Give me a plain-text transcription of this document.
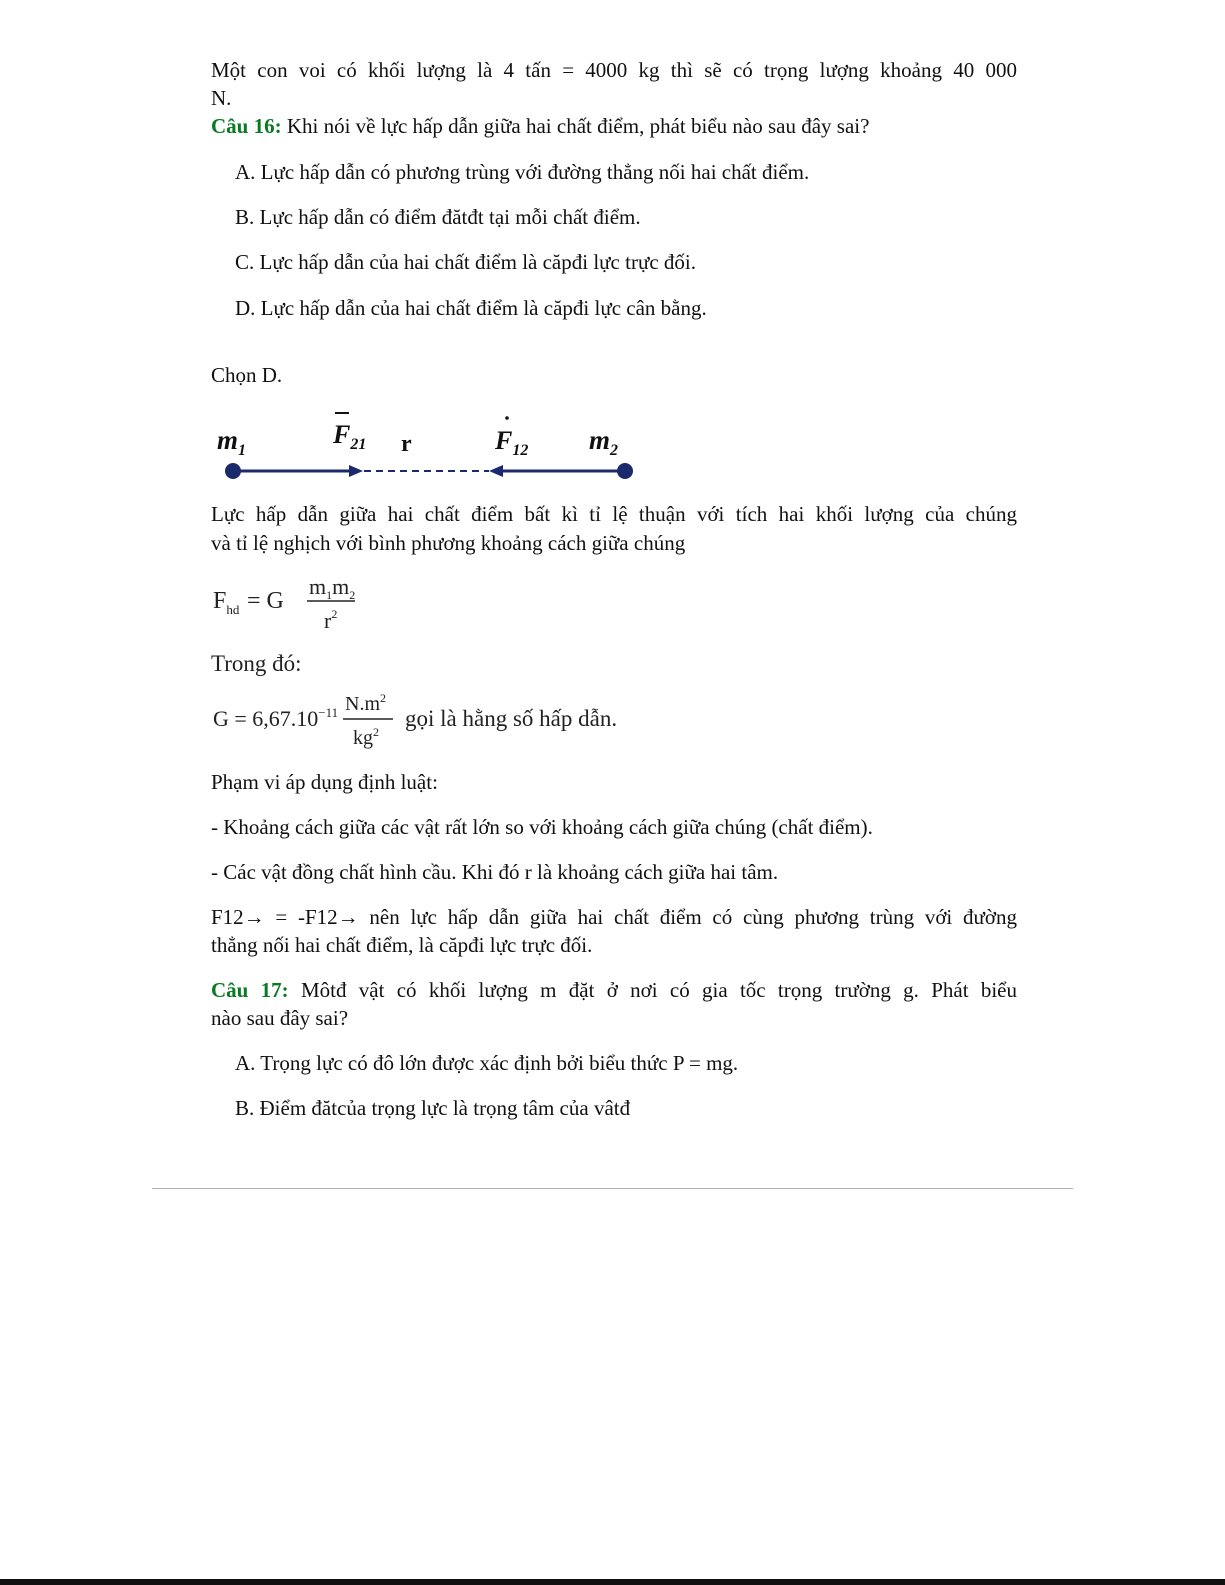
Một con voi có khối lượng là 4 tấn = 4000 kg thì sẽ có trọng lượng khoảng 40 000
N.
Câu 16: Khi nói về lực hấp dẫn giữa hai chất điểm, phát biểu nào sau đây sai?
A. Lực hấp dẫn có phương trùng với đường thẳng nối hai chất điểm.
B. Lực hấp dẫn có điểm đătđt tại mỗi chất điểm.
C. Lực hấp dẫn của hai chất điểm là căpđi lực trực đối.
D. Lực hấp dẫn của hai chất điểm là căpđi lực cân bằng.
Chọn D.
$m_1$
$F_{21}$ r	$F_{12}$ $m_2$
Lực hấp dẫn giữa hai chất điểm bất kì tỉ lệ thuận với tích hai khối lượng của chúng
và tỉ lệ nghịch với bình phương khoảng cách giữa chúng
$F_{hd} = G$
$m_1m_2$
$r^2$
Trong đó:
$G = 6,67.10^{-11}$ $N.m^2$
$kg^2$
gọi là hằng số hấp dẫn.
Phạm vi áp dụng định luật:
- Khoảng cách giữa các vật rất lớn so với khoảng cách giữa chúng (chất điểm).
- Các vật đồng chất hình cầu. Khi đó r là khoảng cách giữa hai tâm.
F12→ = -F12→ nên lực hấp dẫn giữa hai chất điểm có cùng phương trùng với đường
thẳng nối hai chất điểm, là căpđi lực trực đối.
Câu 17: Môtđ vật có khối lượng m đặt ở nơi có gia tốc trọng trường g. Phát biểu
nào sau đây sai?
A. Trọng lực có đô lớn được xác định bởi biểu thức P = mg.
B. Điểm đătcủa trọng lực là trọng tâm của vâtđ
